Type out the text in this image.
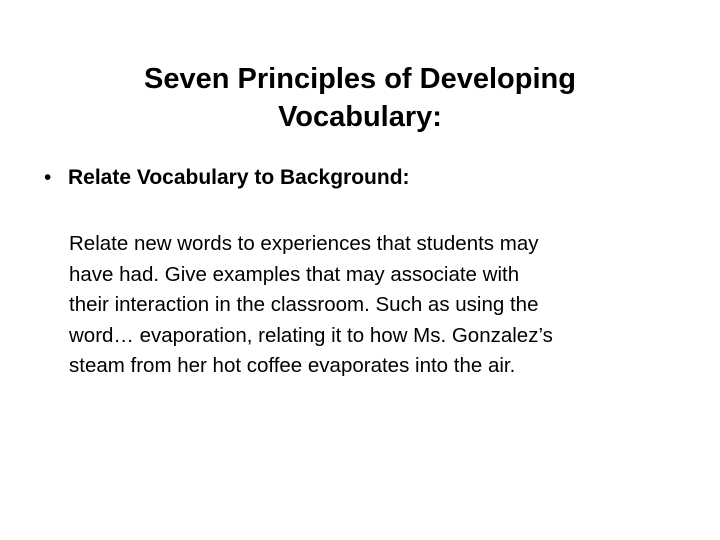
Seven Principles of Developing
Vocabulary:
• Relate Vocabulary to Background:
Relate new words to experiences that students may
have had. Give examples that may associate with
their interaction in the classroom. Such as using the
word… evaporation, relating it to how Ms. Gonzalez’s
steam from her hot coffee evaporates into the air.
